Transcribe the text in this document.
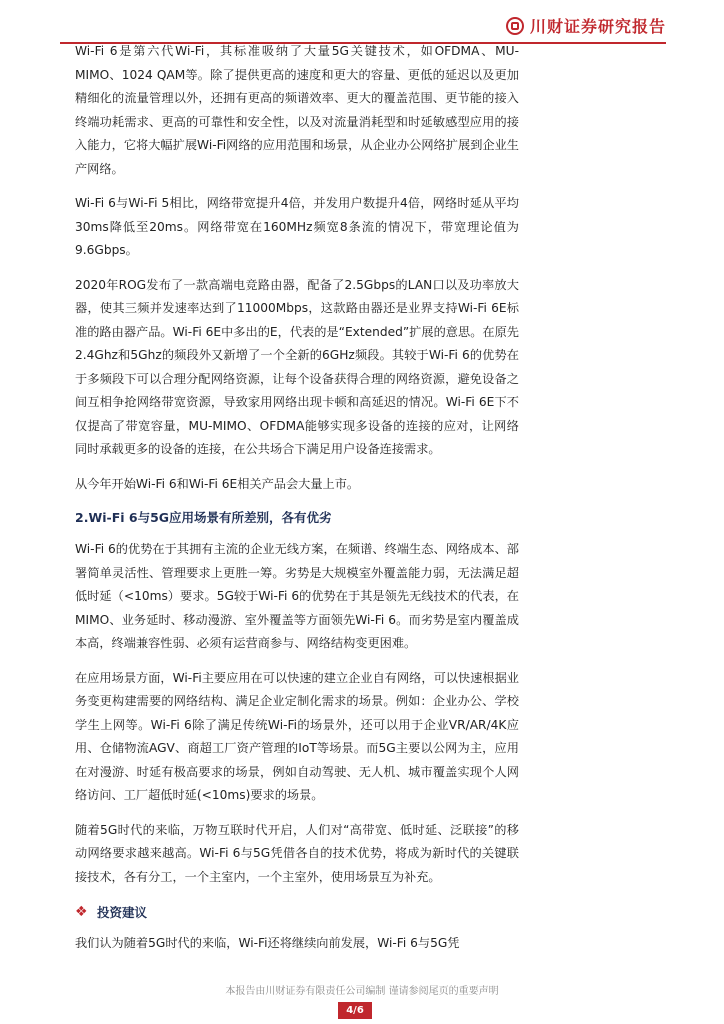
川财证券研究报告

Wi-Fi 6是第六代Wi-Fi，其标准吸纳了大量5G关键技术，如OFDMA、MU-MIMO、1024 QAM等。除了提供更高的速度和更大的容量、更低的延迟以及更加精细化的流量管理以外，还拥有更高的频谱效率、更大的覆盖范围、更节能的接入终端功耗需求、更高的可靠性和安全性，以及对流量消耗型和时延敏感型应用的接入能力，它将大幅扩展Wi-Fi网络的应用范围和场景，从企业办公网络扩展到企业生产网络。

Wi-Fi 6与Wi-Fi 5相比，网络带宽提升4倍，并发用户数提升4倍，网络时延从平均30ms降低至20ms。网络带宽在160MHz频宽8条流的情况下，带宽理论值为9.6Gbps。

2020年ROG发布了一款高端电竞路由器，配备了2.5Gbps的LAN口以及功率放大器，使其三频并发速率达到了11000Mbps，这款路由器还是业界支持Wi-Fi 6E标准的路由器产品。Wi-Fi 6E中多出的E，代表的是“Extended”扩展的意思。在原先2.4Ghz和5Ghz的频段外又新增了一个全新的6GHz频段。其较于Wi-Fi 6的优势在于多频段下可以合理分配网络资源，让每个设备获得合理的网络资源，避免设备之间互相争抢网络带宽资源，导致家用网络出现卡顿和高延迟的情况。Wi-Fi 6E下不仅提高了带宽容量，MU-MIMO、OFDMA能够实现多设备的连接的应对，让网络同时承载更多的设备的连接，在公共场合下满足用户设备连接需求。

从今年开始Wi-Fi 6和Wi-Fi 6E相关产品会大量上市。

2.Wi-Fi 6与5G应用场景有所差别，各有优劣

Wi-Fi 6的优势在于其拥有主流的企业无线方案，在频谱、终端生态、网络成本、部署简单灵活性、管理要求上更胜一筹。劣势是大规模室外覆盖能力弱，无法满足超低时延（<10ms）要求。5G较于Wi-Fi 6的优势在于其是领先无线技术的代表，在MIMO、业务延时、移动漫游、室外覆盖等方面领先Wi-Fi 6。而劣势是室内覆盖成本高，终端兼容性弱、必须有运营商参与、网络结构变更困难。

在应用场景方面，Wi-Fi主要应用在可以快速的建立企业自有网络，可以快速根据业务变更构建需要的网络结构、满足企业定制化需求的场景。例如：企业办公、学校学生上网等。Wi-Fi 6除了满足传统Wi-Fi的场景外，还可以用于企业VR/AR/4K应用、仓储物流AGV、商超工厂资产管理的IoT等场景。而5G主要以公网为主，应用在对漫游、时延有极高要求的场景，例如自动驾驶、无人机、城市覆盖实现个人网络访问、工厂超低时延(<10ms)要求的场景。

随着5G时代的来临，万物互联时代开启，人们对“高带宽、低时延、泛联接”的移动网络要求越来越高。Wi-Fi 6与5G凭借各自的技术优势，将成为新时代的关键联接技术，各有分工，一个主室内，一个主室外，使用场景互为补充。

❖ 投资建议

我们认为随着5G时代的来临，Wi-Fi还将继续向前发展，Wi-Fi 6与5G凭

本报告由川财证券有限责任公司编制 谨请参阅尾页的重要声明
4/6
